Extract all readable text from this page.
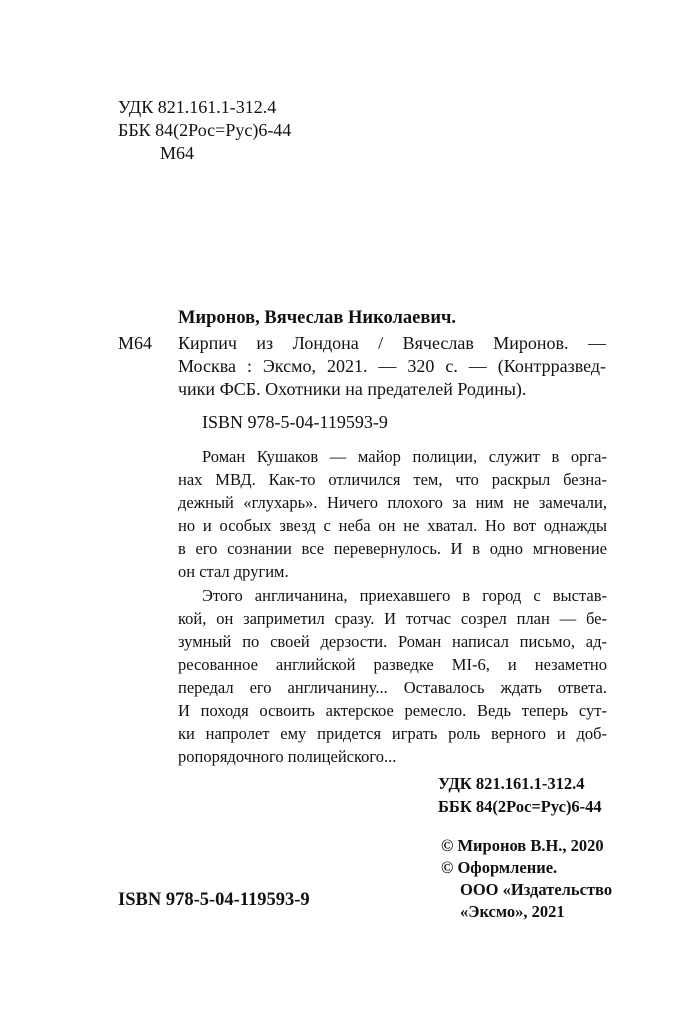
УДК 821.161.1-312.4
ББК 84(2Рос=Рус)6-44
М64
Миронов, Вячеслав Николаевич.
М64 Кирпич из Лондона / Вячеслав Миронов. —
Москва : Эксмо, 2021. — 320 с. — (Контрразвед-
чики ФСБ. Охотники на предателей Родины).
ISBN 978-5-04-119593-9
Роман Кушаков — майор полиции, служит в орга-
нах МВД. Как-то отличился тем, что раскрыл безна-
дежный «глухарь». Ничего плохого за ним не замечали,
но и особых звезд с неба он не хватал. Но вот однажды
в его сознании все перевернулось. И в одно мгновение
он стал другим.
Этого англичанина, приехавшего в город с выстав-
кой, он заприметил сразу. И тотчас созрел план — бе-
зумный по своей дерзости. Роман написал письмо, ад-
ресованное английской разведке MI-6, и незаметно
передал его англичанину... Оставалось ждать ответа.
И походя освоить актерское ремесло. Ведь теперь сут-
ки напролет ему придется играть роль верного и доб-
ропорядочного полицейского...
УДК 821.161.1-312.4
ББК 84(2Рос=Рус)6-44
© Миронов В.Н., 2020
© Оформление.
ООО «Издательство
«Эксмо», 2021
ISBN 978-5-04-119593-9
